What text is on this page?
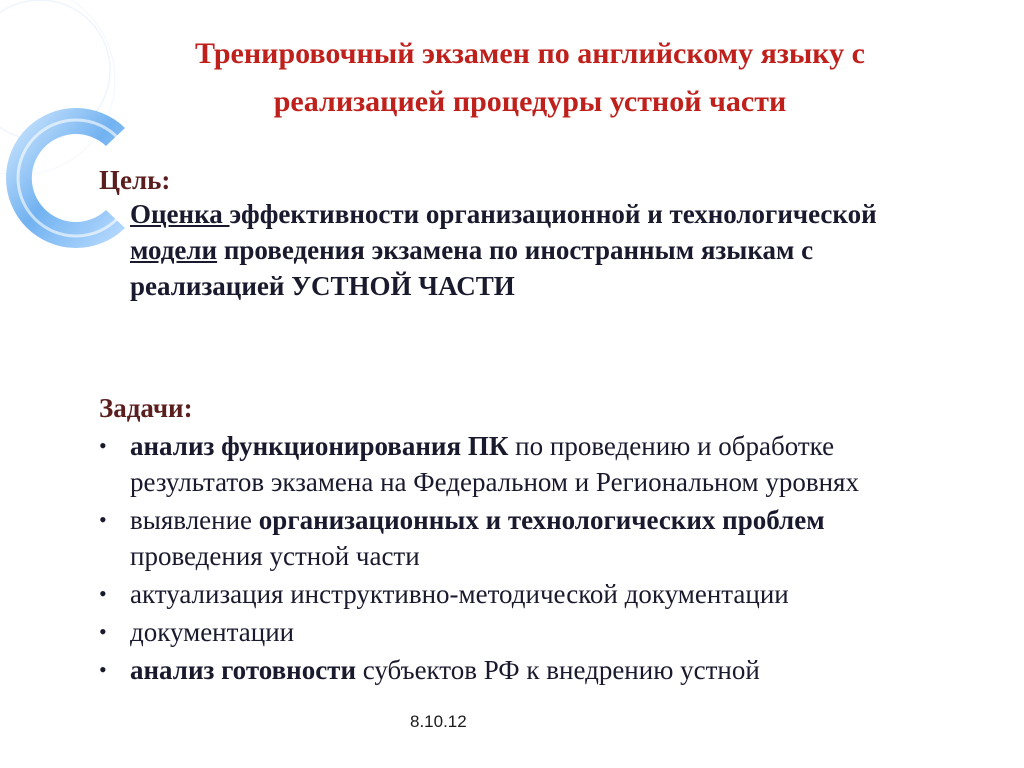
Тренировочный экзамен по английскому языку с реализацией процедуры устной части
Цель:

Оценка эффективности организационной и технологической модели проведения экзамена по иностранным языкам с реализацией УСТНОЙ ЧАСТИ

Задачи:
• анализ функционирования ПК по проведению и обработке результатов экзамена на Федеральном и Региональном уровнях
• выявление организационных и технологических проблем проведения устной части
• актуализация инструктивно-методической документации
• документации
• анализ готовности субъектов РФ к внедрению устной
8.10.12
